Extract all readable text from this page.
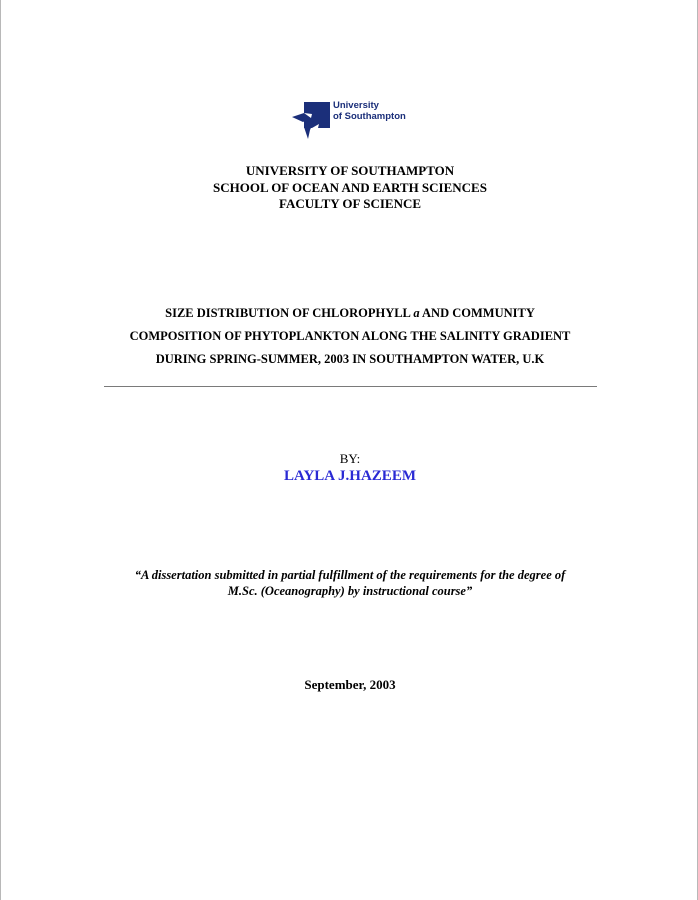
University
of Southampton
UNIVERSITY OF SOUTHAMPTON
SCHOOL OF OCEAN AND EARTH SCIENCES
FACULTY OF SCIENCE
SIZE DISTRIBUTION OF CHLOROPHYLL a AND COMMUNITY
COMPOSITION OF PHYTOPLANKTON ALONG THE SALINITY GRADIENT
DURING SPRING-SUMMER, 2003 IN SOUTHAMPTON WATER, U.K
BY:
LAYLA J.HAZEEM
“A dissertation submitted in partial fulfillment of the requirements for the degree of
M.Sc. (Oceanography) by instructional course”
September, 2003
